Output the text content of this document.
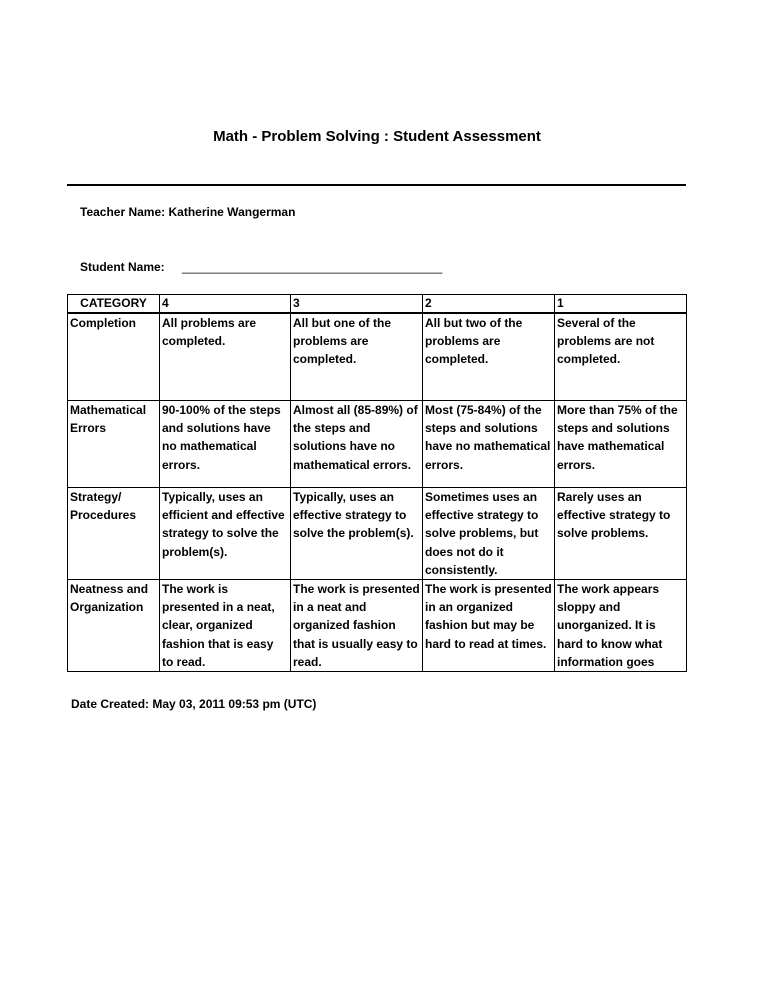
Math - Problem Solving : Student Assessment
Teacher Name: Katherine Wangerman
Student Name: _______________________________________
CATEGORY	4	3	2	1
Completion	All problems are completed.	All but one of the problems are completed.	All but two of the problems are completed.	Several of the problems are not completed.
Mathematical Errors	90-100% of the steps and solutions have no mathematical errors.	Almost all (85-89%) of the steps and solutions have no mathematical errors.	Most (75-84%) of the steps and solutions have no mathematical errors.	More than 75% of the steps and solutions have mathematical errors.
Strategy/ Procedures	Typically, uses an efficient and effective strategy to solve the problem(s).	Typically, uses an effective strategy to solve the problem(s).	Sometimes uses an effective strategy to solve problems, but does not do it consistently.	Rarely uses an effective strategy to solve problems.
Neatness and Organization	The work is presented in a neat, clear, organized fashion that is easy to read.	The work is presented in a neat and organized fashion that is usually easy to read.	The work is presented in an organized fashion but may be hard to read at times.	The work appears sloppy and unorganized. It is hard to know what information goes
Date Created: May 03, 2011 09:53 pm (UTC)
